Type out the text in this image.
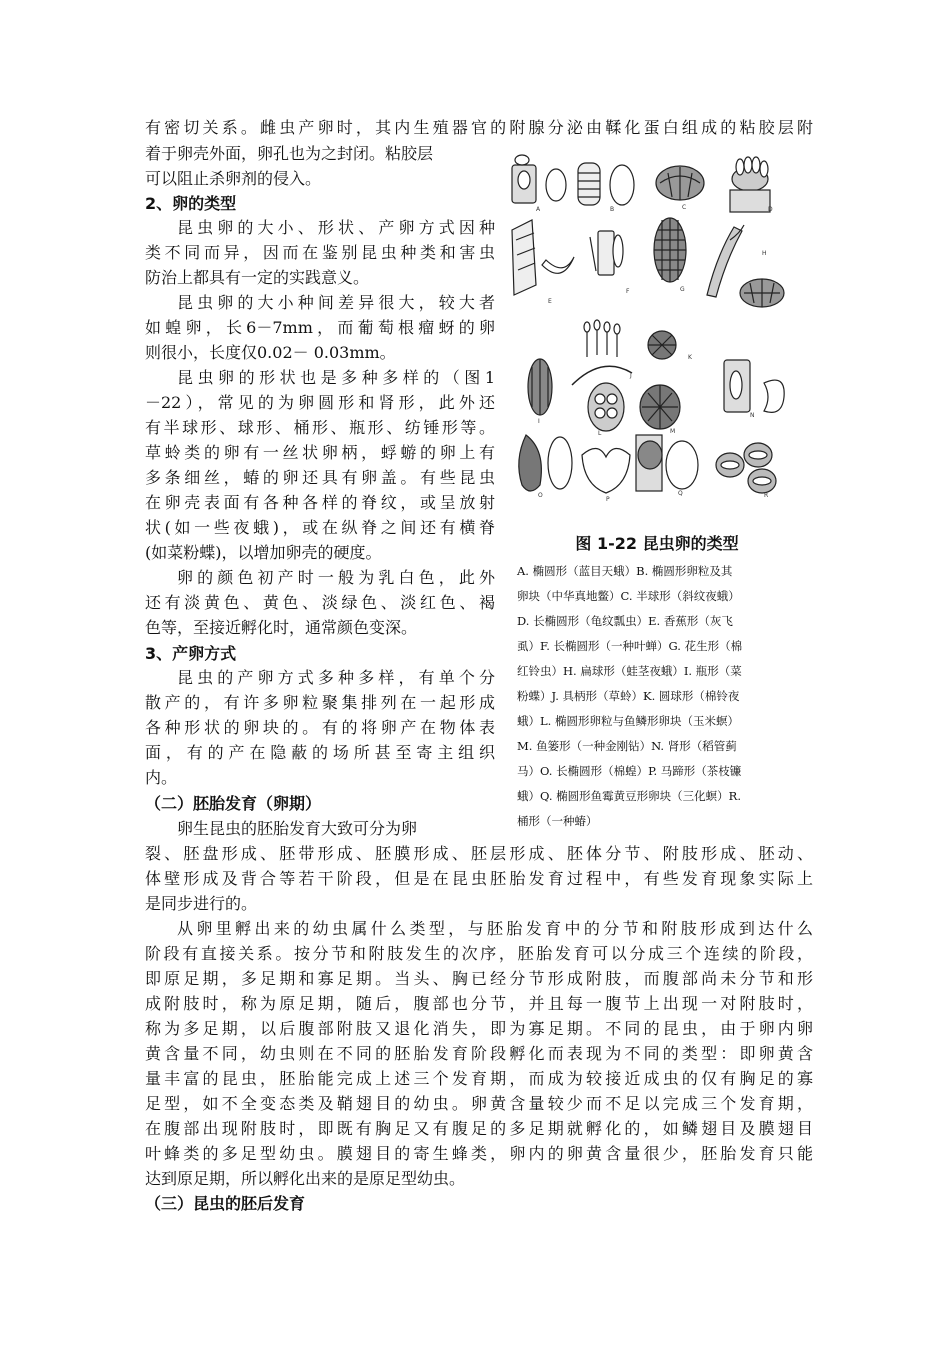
有密切关系。雌虫产卵时，其内生殖器官的附腺分泌由鞣化蛋白组成的粘胶层附
着于卵壳外面，卵孔也为之封闭。粘胶层
可以阻止杀卵剂的侵入。
2、卵的类型
昆虫卵的大小、形状、产卵方式因种
类不同而异，因而在鉴别昆虫种类和害虫
防治上都具有一定的实践意义。
昆虫卵的大小种间差异很大，较大者
如蝗卵，长6－7mm，而葡萄根瘤蚜的卵
则很小，长度仅0.02－ 0.03mm。
昆虫卵的形状也是多种多样的（图1
－22），常见的为卵圆形和肾形，此外还
有半球形、球形、桶形、瓶形、纺锤形等。
草蛉类的卵有一丝状卵柄，蜉蝣的卵上有
多条细丝，蝽的卵还具有卵盖。有些昆虫
在卵壳表面有各种各样的脊纹，或呈放射
状(如一些夜蛾)，或在纵脊之间还有横脊
(如菜粉蝶)，以增加卵壳的硬度。
卵的颜色初产时一般为乳白色，此外
还有淡黄色、黄色、淡绿色、淡红色、褐
色等，至接近孵化时，通常颜色变深。
3、产卵方式
昆虫的产卵方式多种多样，有单个分
散产的，有许多卵粒聚集排列在一起形成
各种形状的卵块的。有的将卵产在物体表
面，有的产在隐蔽的场所甚至寄主组织
内。
（二）胚胎发育（卵期）
卵生昆虫的胚胎发育大致可分为卵
裂、胚盘形成、胚带形成、胚膜形成、胚层形成、胚体分节、附肢形成、胚动、
体壁形成及背合等若干阶段，但是在昆虫胚胎发育过程中，有些发育现象实际上
是同步进行的。
从卵里孵出来的幼虫属什么类型，与胚胎发育中的分节和附肢形成到达什么
阶段有直接关系。按分节和附肢发生的次序，胚胎发育可以分成三个连续的阶段，
即原足期，多足期和寡足期。当头、胸已经分节形成附肢，而腹部尚未分节和形
成附肢时，称为原足期，随后，腹部也分节，并且每一腹节上出现一对附肢时，
称为多足期，以后腹部附肢又退化消失，即为寡足期。不同的昆虫，由于卵内卵
黄含量不同，幼虫则在不同的胚胎发育阶段孵化而表现为不同的类型：即卵黄含
量丰富的昆虫，胚胎能完成上述三个发育期，而成为较接近成虫的仅有胸足的寡
足型，如不全变态类及鞘翅目的幼虫。卵黄含量较少而不足以完成三个发育期，
在腹部出现附肢时，即既有胸足又有腹足的多足期就孵化的，如鳞翅目及膜翅目
叶蜂类的多足型幼虫。膜翅目的寄生蜂类，卵内的卵黄含量很少，胚胎发育只能
达到原足期，所以孵化出来的是原足型幼虫。
（三）昆虫的胚后发育
A	B	C	D
E
F	G
H
I
J
K
L	M
N
O
P
Q	R
图 1-22 昆虫卵的类型
A. 椭圆形（蓝目天蛾）B. 椭圆形卵粒及其
卵块（中华真地鳖）C. 半球形（斜纹夜蛾）
D. 长椭圆形（龟纹瓢虫）E. 香蕉形（灰飞
虱）F. 长椭圆形（一种叶蝉）G. 花生形（棉
红铃虫）H. 扁球形（蛙茎夜蛾）I. 瓶形（菜
粉蝶）J. 具柄形（草蛉）K. 圆球形（棉铃夜
蛾）L. 椭圆形卵粒与鱼鳞形卵块（玉米螟）
M. 鱼篓形（一种金刚钻）N. 肾形（稻管蓟
马）O. 长椭圆形（棉蝗）P. 马蹄形（茶枝镰
蛾）Q. 椭圆形鱼霉黄豆形卵块（三化螟）R.
桶形（一种蝽）
